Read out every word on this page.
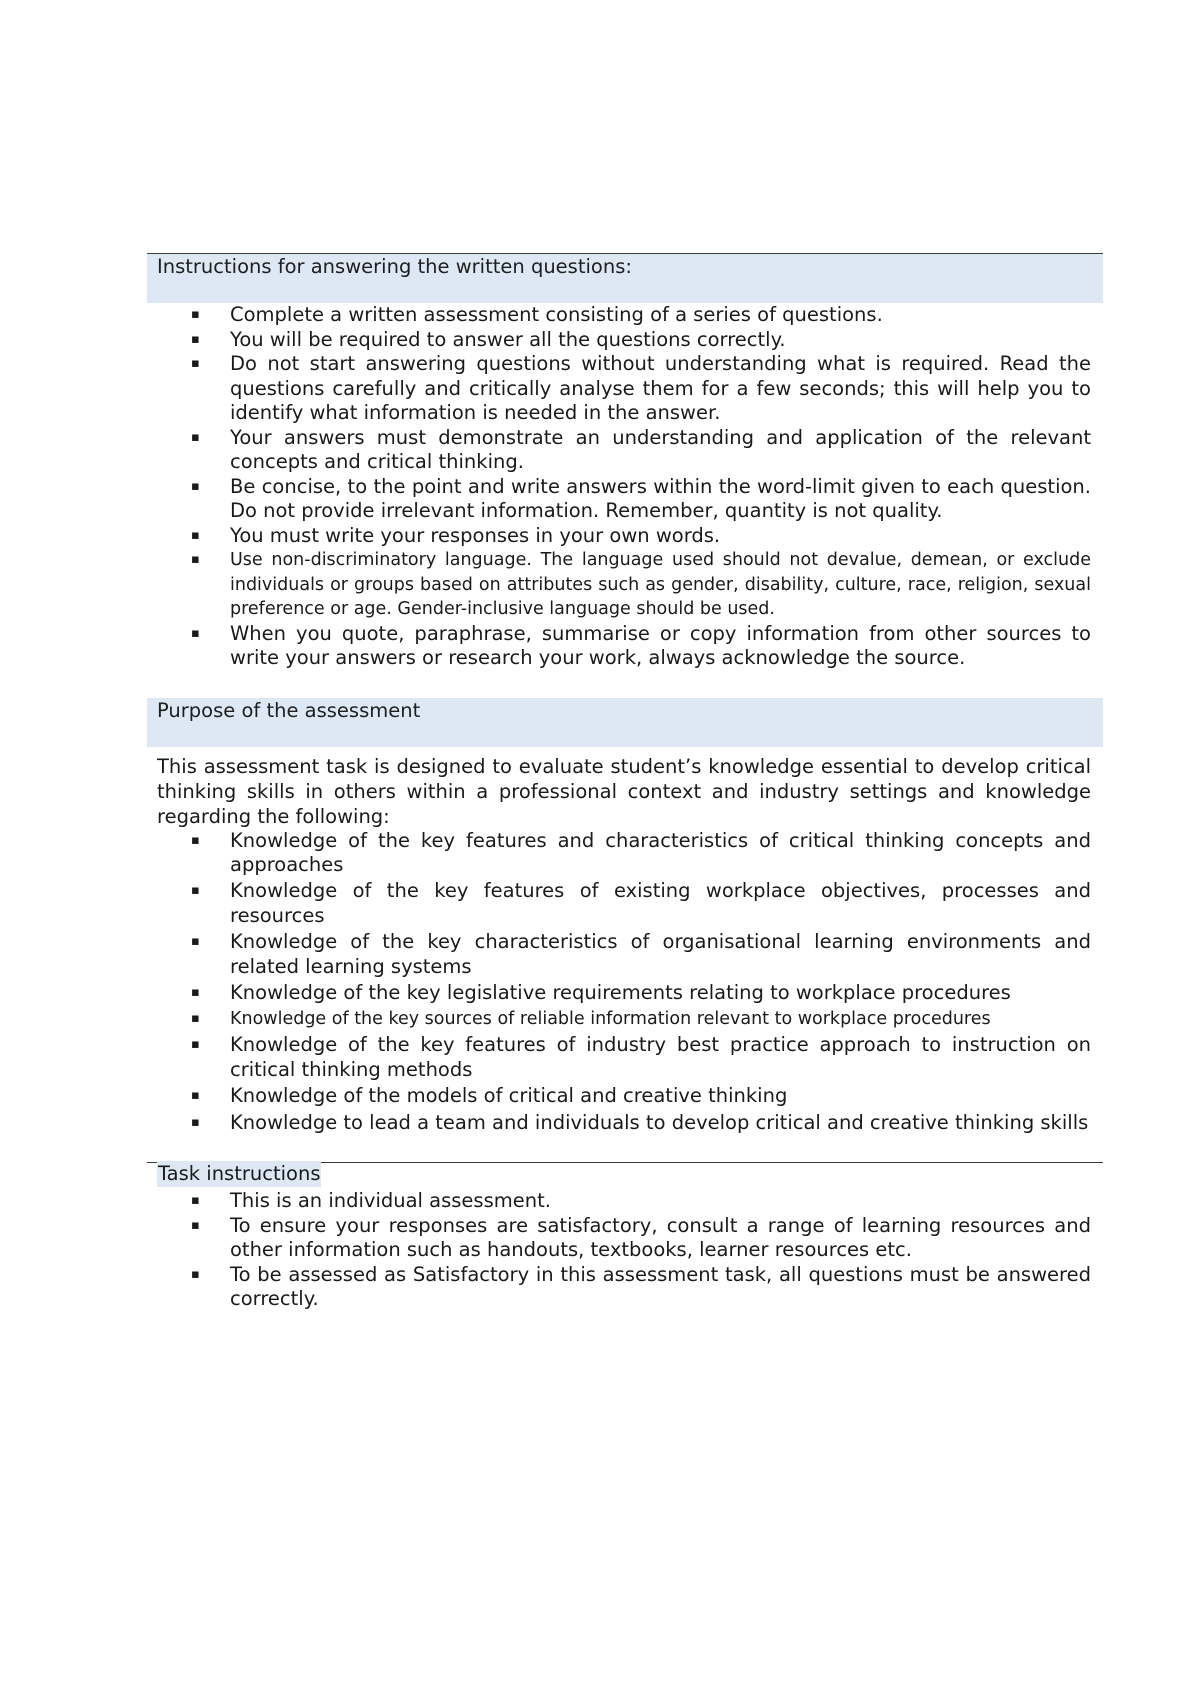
Instructions for answering the written questions:
▪ Complete a written assessment consisting of a series of questions.
▪ You will be required to answer all the questions correctly.
▪ Do not start answering questions without understanding what is required. Read the questions carefully and critically analyse them for a few seconds; this will help you to identify what information is needed in the answer.
▪ Your answers must demonstrate an understanding and application of the relevant concepts and critical thinking.
▪ Be concise, to the point and write answers within the word-limit given to each question. Do not provide irrelevant information. Remember, quantity is not quality.
▪ You must write your responses in your own words.
▪ Use non-discriminatory language. The language used should not devalue, demean, or exclude individuals or groups based on attributes such as gender, disability, culture, race, religion, sexual preference or age. Gender-inclusive language should be used.
▪ When you quote, paraphrase, summarise or copy information from other sources to write your answers or research your work, always acknowledge the source.
Purpose of the assessment
This assessment task is designed to evaluate student’s knowledge essential to develop critical thinking skills in others within a professional context and industry settings and knowledge regarding the following:
▪ Knowledge of the key features and characteristics of critical thinking concepts and approaches
▪ Knowledge of the key features of existing workplace objectives, processes and resources
▪ Knowledge of the key characteristics of organisational learning environments and related learning systems
▪ Knowledge of the key legislative requirements relating to workplace procedures
▪ Knowledge of the key sources of reliable information relevant to workplace procedures
▪ Knowledge of the key features of industry best practice approach to instruction on critical thinking methods
▪ Knowledge of the models of critical and creative thinking
▪ Knowledge to lead a team and individuals to develop critical and creative thinking skills
Task instructions
▪ This is an individual assessment.
▪ To ensure your responses are satisfactory, consult a range of learning resources and other information such as handouts, textbooks, learner resources etc.
▪ To be assessed as Satisfactory in this assessment task, all questions must be answered correctly.
